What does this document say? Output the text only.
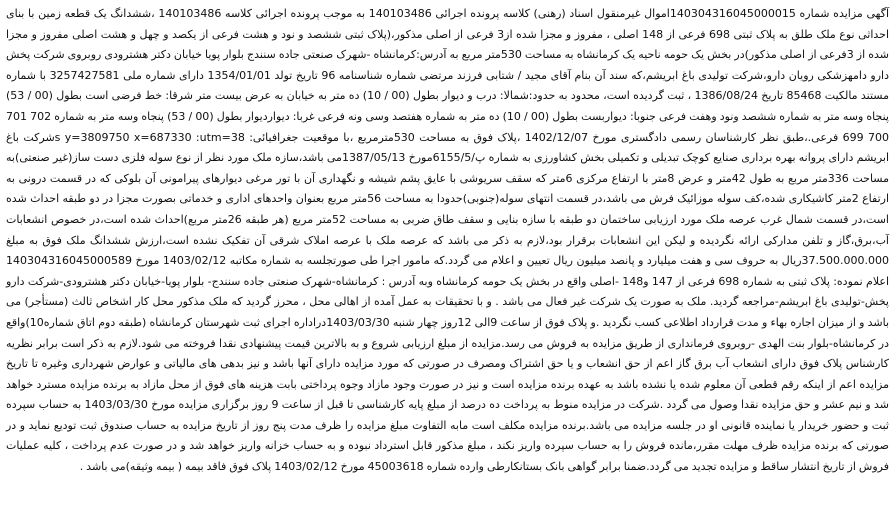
آگهی مزایده شماره 140304316045000015اموال غیرمنقول اسناد (رهنی) کلاسه پرونده اجرائی 140103486 به موجب پرونده اجرائی کلاسه 140103486 ،ششدانگ یک قطعه زمین با بنای احداثی نوع ملک طلق به پلاک ثبتی 698 فرعی از 148 اصلی ، مفروز و مجزا شده از3 فرعی از اصلی مذکور،(پلاک ثبتی ششصد و نود و هشت فرعی از یکصد و چهل و هشت اصلی مفروز و مجزا شده از 3فرعی از اصلی مذکور)در بخش یک حومه ناحیه یک کرمانشاه به مساحت 530متر مربع به آدرس:کرمانشاه -شهرک صنعتی جاده سنندج بلوار پویا خیابان دکتر هشترودی روبروی شرکت پخش دارو دامهزشکی رویان دارو،شرکت تولیدی باغ ابریشم،که سند آن بنام آقای مجید / شتابی فرزند مرتضی شماره شناسنامه 96 تاریخ تولد 1354/01/01 دارای شماره ملی 3257427581 با شماره مستند مالکیت 85468 تاریخ 1386/08/24 ، ثبت گردیده است، محدود به حدود:شمالا: درب و دیوار بطول (00 / 10) ده متر به خیابان به عرض بیست متر شرقا: خط فرضی است بطول (00 / 53) پنجاه وسه متر به شماره ششصد ونود وهفت فرعی جنوبا: دیواربست بطول (00 / 10) ده متر به شماره هفتصد وسی ونه فرعی غربا: دیواردیوار بطول (00 / 53) پنجاه وسه متر به شماره 702 701 700 699 فرعی.،طبق نظر کارشناسان رسمی دادگستری مورخ 1402/12/07 ،پلاک فوق به مساحت 530مترمربع ،با موقعیت جغرافیائی: 38=s y=3809750 x=687330 :utmشرکت باغ ابریشم دارای پروانه بهره برداری صنایع کوچک تبدیلی و تکمیلی بخش کشاورزی به شماره پ/6155/5مورخ 1387/05/13می باشد،سازه ملک مورد نظر از نوع سوله فلزی دست ساز(غیر صنعتی)به مساحت 336متر مربع به طول 42متر و عرض 8متر با ارتفاع مرکزی 6متر که سقف سریوشی با عایق پشم شیشه و نگهداری آن با تور مرغی دیوارهای پیرامونی آن بلوکی که در قسمت درونی به ارتفاع 2متر کاشیکاری شده،کف سوله موزائیک فرش می باشد،در قسمت انتهای سوله(جنوبی)حدودا به مساحت 56متر مربع بعنوان واحدهای اداری و خدماتی بصورت مجزا در دو طبقه احداث شده است،در قسمت شمال غرب عرصه ملک مورد ارزیابی ساختمان دو طبقه با سازه بنایی و سقف طاق ضربی به مساحت 52متر مربع (هر طبقه 26متر مربع)احداث شده است،در خصوص انشعابات آب،برق،گاز و تلفن مدارکی ارائه نگردیده و لیکن این انشعابات برقرار بود،لازم به ذکر می باشد که عرصه ملک با عرصه املاک شرقی آن تفکیک نشده است،ارزش ششدانگ ملک فوق به مبلغ 37.500.000.000ریال به حروف سی و هفت میلیارد و پانصد میلیون ریال تعیین و اعلام می گردد.که مامور اجرا طی صورتجلسه به شماره مکاتبه 1403/02/12 مورخ 140304316045000589 اعلام نموده: پلاک ثبتی به شماره 698 فرعی از 147 و148 -اصلی واقع در بخش یک حومه کرمانشاه وبه آدرس : کرمانشاه-شهرک صنعتی جاده سنندج- بلوار پویا-خیابان دکتر هشترودی-شرکت دارو پخش-تولیدی باغ ابریشم-مراجعه گردید. ملک به صورت یک شرکت غیر فعال می باشد . و با تحقیقات به عمل آمده از اهالی محل ، محرز گردید که ملک مذکور محل کار اشخاص ثالث (مستأجر) می باشد و از میزان اجاره بهاء و مدت قرارداد اطلاعی کسب نگردید .و پلاک فوق از ساعت 9الی 12روز چهار شنبه 1403/03/30دراداره اجرای ثبت شهرستان کرمانشاه (طبقه دوم اتاق شماره10)واقع در کرمانشاه-بلوار بنت الهدی -روبروی فرمانداری از طریق مزایده به فروش می رسد.مزایده از مبلغ ارزیابی شروع و به بالاترین قیمت پیشنهادی نقدا فروخته می شود.لازم به ذکر است برابر نظریه کارشناس پلاک فوق دارای انشعاب آب برق گاز اعم از حق انشعاب و یا حق اشتراک ومصرف در صورتی که مورد مزایده دارای آنها باشد و نیز بدهی های مالیاتی و عوارض شهرداری وغیره تا تاریخ مزایده اعم از اینکه رقم قطعی آن معلوم شده یا نشده باشد به عهده برنده مزایده است و نیز در صورت وجود مازاد وجوه پرداختی بابت هزینه های فوق از محل مازاد به برنده مزایده مسترد خواهد شد و نیم عشر و حق مزایده نقدا وصول می گردد .شرکت در مزایده منوط به پرداخت ده درصد از مبلغ پایه کارشناسی تا قبل از ساعت 9 روز برگزاری مزایده مورخ 1403/03/30 به حساب سپرده ثبت و حضور خریدار یا نماینده قانونی او در جلسه مزایده می باشد.برنده مزایده مکلف است مابه التفاوت مبلغ مزایده را ظرف مدت پنج روز از تاریخ مزایده به حساب صندوق ثبت تودیع نماید و در صورتی که برنده مزایده ظرف مهلت مقرر،مانده فروش را به حساب سپرده واریز نکند ، مبلغ مذکور قابل استرداد نبوده و به حساب خزانه واریز خواهد شد و در صورت عدم پرداخت ، کلیه عملیات فروش از تاریخ انتشار ساقط و مزایده تجدید می گردد.ضمنا برابر گواهی بانک بستانکارطی وارده شماره 45003618 مورخ 1403/02/12 پلاک فوق فاقد بیمه ( بیمه وثیقه)می باشد .
